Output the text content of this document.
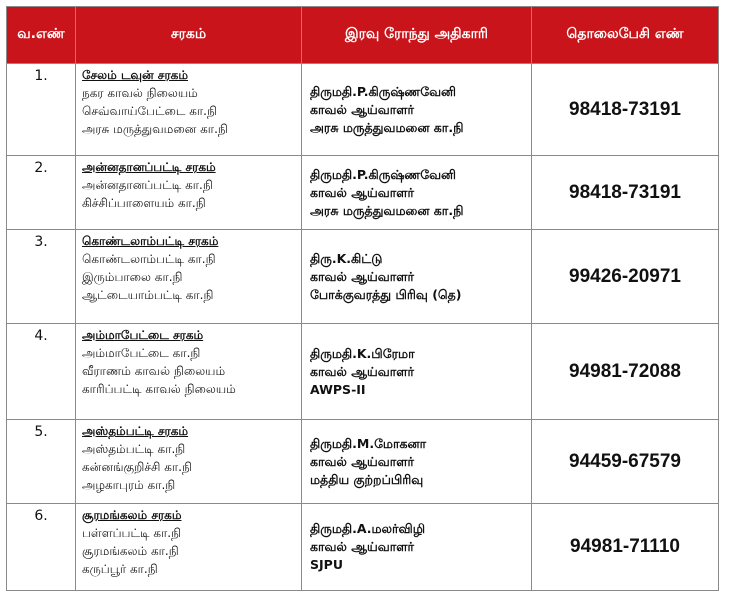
வ.எண்	சரகம்	இரவு ரோந்து அதிகாரி	தொலைபேசி எண்
1.	சேலம் டவுன் சரகம்
நகர காவல் நிலையம்
செவ்வாய்பேட்டை கா.நி
அரசு மருத்துவமனை கா.நி	திருமதி.P.கிருஷ்ணவேனி
காவல் ஆய்வாளர்
அரசு மருத்துவமனை கா.நி	98418-73191
2.	அன்னதானப்பட்டி சரகம்
அன்னதானப்பட்டி கா.நி
கிச்சிப்பாளையம் கா.நி	திருமதி.P.கிருஷ்ணவேனி
காவல் ஆய்வாளர்
அரசு மருத்துவமனை கா.நி	98418-73191
3.	கொண்டலாம்பட்டி சரகம்
கொண்டலாம்பட்டி கா.நி
இரும்பாலை கா.நி
ஆட்டையாம்பட்டி கா.நி	திரு.K.கிட்டு
காவல் ஆய்வாளர்
போக்குவரத்து பிரிவு (தெ)	99426-20971
4.	அம்மாபேட்டை சரகம்
அம்மாபேட்டை கா.நி
வீராணம் காவல் நிலையம்
காரிப்பட்டி காவல் நிலையம்	திருமதி.K.பிரேமா
காவல் ஆய்வாளர்
AWPS-II	94981-72088
5.	அஸ்தம்பட்டி சரகம்
அஸ்தம்பட்டி கா.நி
கன்னங்குறிச்சி கா.நி
அழகாபுரம் கா.நி	திருமதி.M.மோகனா
காவல் ஆய்வாளர்
மத்திய குற்றப்பிரிவு	94459-67579
6.	சூரமங்கலம் சரகம்
பள்ளப்பட்டி கா.நி
சூரமங்கலம் கா.நி
கருப்பூர் கா.நி	திருமதி.A.மலர்விழி
காவல் ஆய்வாளர்
SJPU	94981-71110
